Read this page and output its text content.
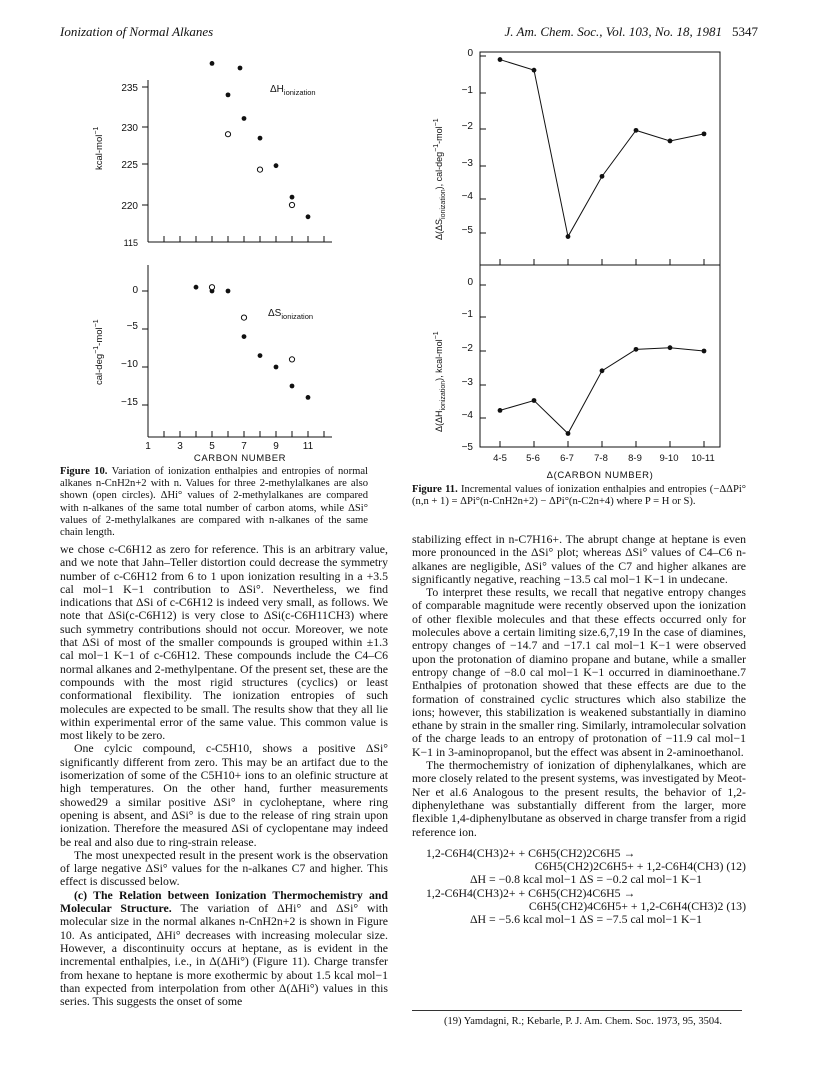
Ionization of Normal Alkanes	J. Am. Chem. Soc., Vol. 103, No. 18, 1981 5347
235
230
225
220
115
kcal-mol$^{-1}$
$\Delta H_{ionization}$
0
−5
−10
−15
cal-deg$^{-1}$-mol$^{-1}$
$\Delta S_{ionization}$
1	3	5	7	9 11
CARBON NUMBER
Figure 10. Variation of ionization enthalpies and entropies of normal alkanes n-CnH2n+2 with n. Values for three 2-methylalkanes are also shown (open circles). ΔHi° values of 2-methylalkanes are compared with n-alkanes of the same total number of carbon atoms, while ΔSi° values of 2-methylalkanes are compared with n-alkanes of the same chain length.
0
−1
−2
−3
−4
−5
0
−1
−2
−3
−4
−5
$\Delta(\Delta S_{ionization})$, cal-deg$^{-1}$-mol$^{-1}$
$\Delta(\Delta H_{ionization})$, kcal-mol$^{-1}$
4-5 5-6 6-7 7-8 8-9 9-10 10-11
Δ(CARBON NUMBER)
Figure 11. Incremental values of ionization enthalpies and entropies (−ΔΔPi°(n,n + 1) = ΔPi°(n-CnH2n+2) − ΔPi°(n-C2n+4) where P = H or S).

we chose c-C6H12 as zero for reference. This is an arbitrary value, and we note that Jahn–Teller distortion could decrease the symmetry number of c-C6H12 from 6 to 1 upon ionization resulting in a +3.5 cal mol−1 K−1 contribution to ΔSi°. Nevertheless, we find indications that ΔSi of c-C6H12 is indeed very small, as follows. We note that ΔSi(c-C6H12) is very close to ΔSi(c-C6H11CH3) where such symmetry contributions should not occur. Moreover, we note that ΔSi of most of the smaller compounds is grouped within ±1.3 cal mol−1 K−1 of c-C6H12. These compounds include the C4–C6 normal alkanes and 2-methylpentane. Of the present set, these are the compounds with the most rigid structures (cyclics) or least conformational flexibility. The ionization entropies of such molecules are expected to be small. The results show that they all lie within experimental error of the same value. This common value is most likely to be zero.

One cylcic compound, c-C5H10, shows a positive ΔSi° significantly different from zero. This may be an artifact due to the isomerization of some of the C5H10+ ions to an olefinic structure at high temperatures. On the other hand, further measurements showed29 a similar positive ΔSi° in cycloheptane, where ring opening is absent, and ΔSi° is due to the release of ring strain upon ionization. Therefore the measured ΔSi of cyclopentane may indeed be real and also due to ring-strain release.

The most unexpected result in the present work is the observation of large negative ΔSi° values for the n-alkanes C7 and higher. This effect is discussed below.

(c) The Relation between Ionization Thermochemistry and Molecular Structure. The variation of ΔHi° and ΔSi° with molecular size in the normal alkanes n-CnH2n+2 is shown in Figure 10. As anticipated, ΔHi° decreases with increasing molecular size. However, a discontinuity occurs at heptane, as is evident in the incremental enthalpies, i.e., in Δ(ΔHi°) (Figure 11). Charge transfer from hexane to heptane is more exothermic by about 1.5 kcal mol−1 than expected from interpolation from other Δ(ΔHi°) values in this series. This suggests the onset of some

stabilizing effect in n-C7H16+. The abrupt change at heptane is even more pronounced in the ΔSi° plot; whereas ΔSi° values of C4–C6 n-alkanes are negligible, ΔSi° values of the C7 and higher alkanes are significantly negative, reaching −13.5 cal mol−1 K−1 in undecane.

To interpret these results, we recall that negative entropy changes of comparable magnitude were recently observed upon the ionization of other flexible molecules and that these effects occurred only for molecules above a certain limiting size.6,7,19 In the case of diamines, entropy changes of −14.7 and −17.1 cal mol−1 K−1 were observed upon the protonation of diamino propane and butane, while a smaller entropy change of −8.0 cal mol−1 K−1 occurred in diaminoethane.7 Enthalpies of protonation showed that these effects are due to the formation of constrained cyclic structures which also stabilize the ions; however, this stabilization is weakened substantially in diamino ethane by strain in the smaller ring. Similarly, intramolecular solvation of the charge leads to an entropy of protonation of −11.9 cal mol−1 K−1 in 3-aminopropanol, but the effect was absent in 2-aminoethanol.

The thermochemistry of ionization of diphenylalkanes, which are more closely related to the present systems, was investigated by Meot-Ner et al.6 Analogous to the present results, the behavior of 1,2-diphenylethane was substantially different from the larger, more flexible 1,4-diphenylbutane as observed in charge transfer from a rigid reference ion.

1,2-C6H4(CH3)2+ + C6H5(CH2)2C6H5 →

C6H5(CH2)2C6H5+ + 1,2-C6H4(CH3) (12)

ΔH = −0.8 kcal mol−1 ΔS = −0.2 cal mol−1 K−1

1,2-C6H4(CH3)2+ + C6H5(CH2)4C6H5 →

C6H5(CH2)4C6H5+ + 1,2-C6H4(CH3)2 (13)

ΔH = −5.6 kcal mol−1 ΔS = −7.5 cal mol−1 K−1

(19) Yamdagni, R.; Kebarle, P. J. Am. Chem. Soc. 1973, 95, 3504.
